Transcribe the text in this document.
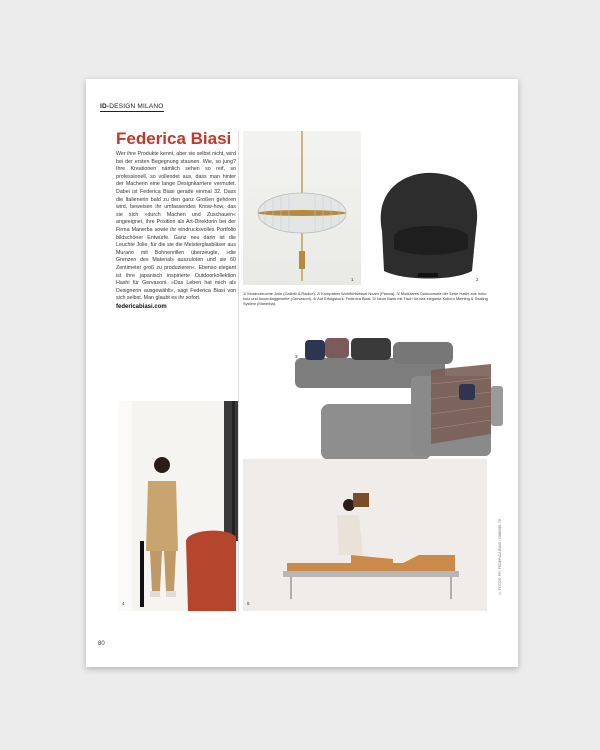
ID-DESIGN MILANO
Federica Biasi

Wer ihre Produkte kennt, aber sie selbst nicht, wird bei der ersten Begegnung staunen. Wie, so jung? Ihre Kreationen nämlich sehen so reif, so professionell, so vollendet aus, dass man hinter der Macherin eine lange Designkarriere vermutet. Dabei ist Federica Biasi gerade einmal 32. Dass die Italienerin bald zu den ganz Großen gehören wird, beweisen ihr umfassendes Know-how, das sie sich »durch Machen und Zuschauen« angeeignet, ihre Position als Art-Direktorin bei der Firma Manerba sowie ihr eindrucksvolles Portfolio bildschöner Entwürfe. Ganz neu darin ist die Leuchte Jolie, für die sie die Meisterglasbläser aus Murano mit Bohnenrillen überzeugte, »die Grenzen des Materials auszuloten und sie 60 Zentimeter groß zu produzieren«. Ebenso elegant ist ihre japanisch inspirierte Outdoorkollektion Hashi für Gervasoni. »Das Leben hat mich als Designerin ausgewählt«, sagt Federica Biasi von sich selbst. Man glaubt es ihr sofort.
federicabiasi.com

1	2

1/ Muranoleuchte Jolie (Gallotti & Radice). 2/ Kompakter Wohlfühlsessel Noam (Pianca). 3/ Modulares Outdoorsofa der Serie Hashi aus Iroko holz und Accordiaggewebe (Gervasoni). 4/ Auf Erfolgskurs: Federica Biasi. 5/ Neue Bank mit Tisch für das elegante Kokoro Meeting & Seating System (Manerba).

3
4	5
© FOTOS: PR, FEDERICA BIASI / GABRIEL 78
80
